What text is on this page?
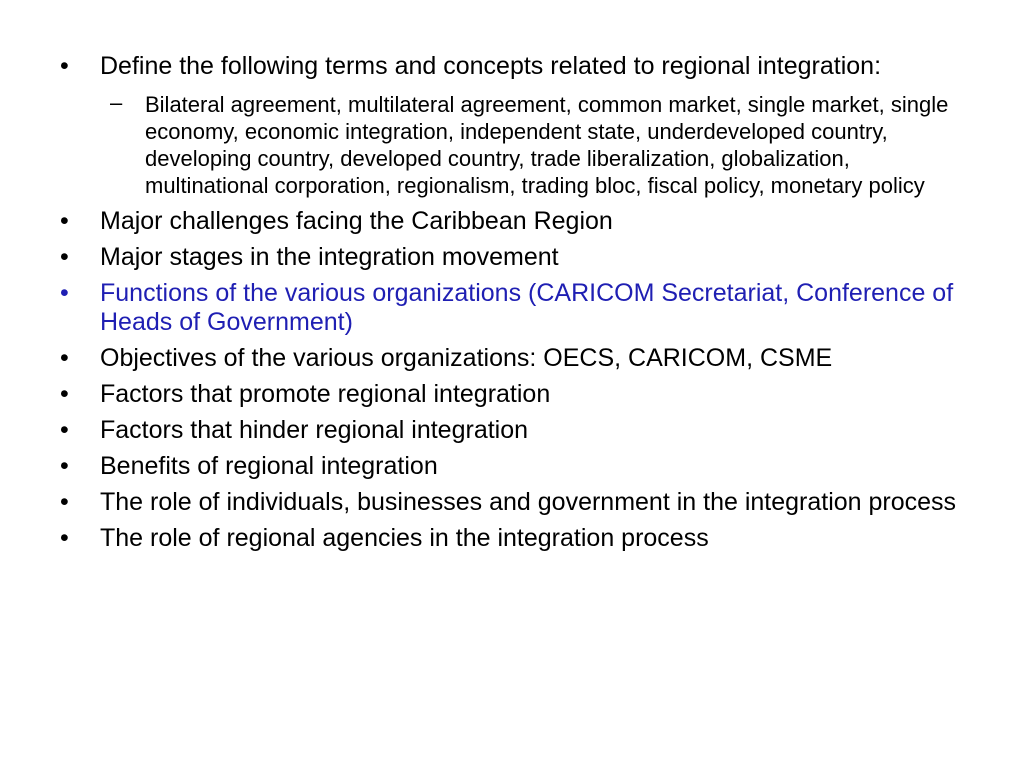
• Define the following terms and concepts related to regional integration:
– Bilateral agreement, multilateral agreement, common market, single market, single economy, economic integration, independent state, underdeveloped country, developing country, developed country, trade liberalization, globalization, multinational corporation, regionalism, trading bloc, fiscal policy, monetary policy
• Major challenges facing the Caribbean Region
• Major stages in the integration movement
• Functions of the various organizations (CARICOM Secretariat, Conference of Heads of Government)
• Objectives of the various organizations: OECS, CARICOM, CSME
• Factors that promote regional integration
• Factors that hinder regional integration
• Benefits of regional integration
• The role of individuals, businesses and government in the integration process
• The role of regional agencies in the integration process
